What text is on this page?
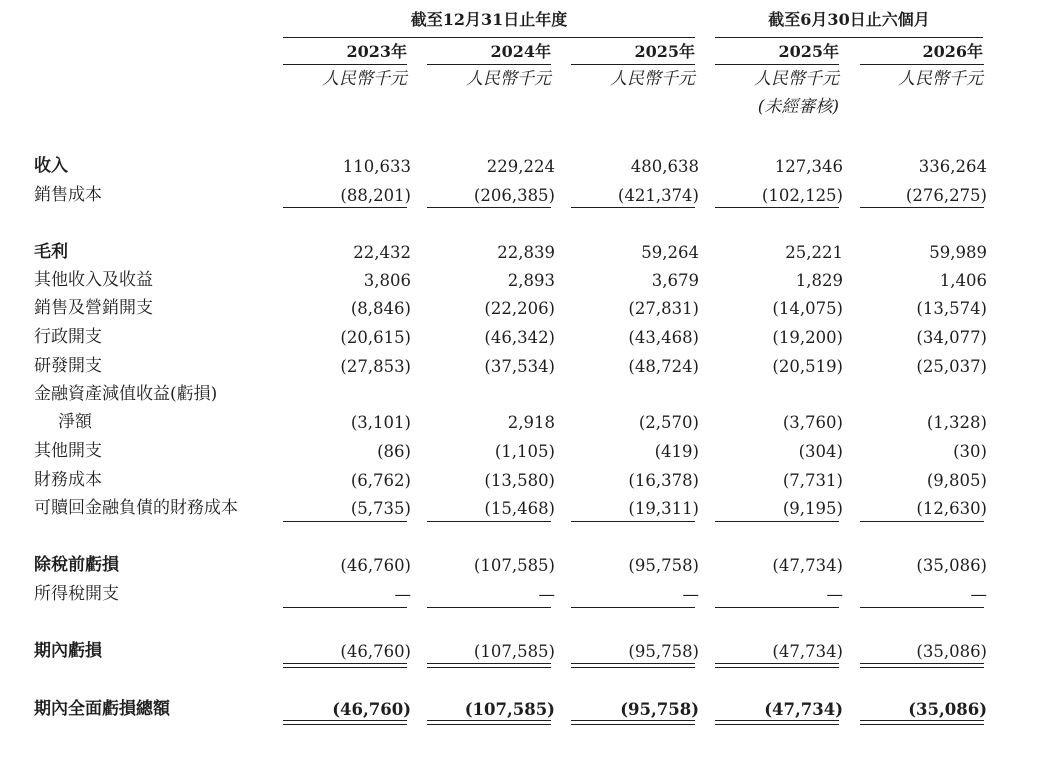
截至12月31日止年度	截至6月30日止六個月
2023年	2024年	2025年	2025年	2026年
人民幣千元	人民幣千元	人民幣千元	人民幣千元	人民幣千元
(未經審核)
收入	110,633	229,224	480,638	127,346	336,264
銷售成本	(88,201)	(206,385)	(421,374)	(102,125)	(276,275)
毛利	22,432	22,839	59,264	25,221	59,989
其他收入及收益	3,806	2,893	3,679	1,829	1,406
銷售及營銷開支	(8,846)	(22,206)	(27,831)	(14,075)	(13,574)
行政開支	(20,615)	(46,342)	(43,468)	(19,200)	(34,077)
研發開支	(27,853)	(37,534)	(48,724)	(20,519)	(25,037)
金融資產減值收益(虧損)
淨額	(3,101)	2,918	(2,570)	(3,760)	(1,328)
其他開支	(86)	(1,105)	(419)	(304)	(30)
財務成本	(6,762)	(13,580)	(16,378)	(7,731)	(9,805)
可贖回金融負債的財務成本	(5,735)	(15,468)	(19,311)	(9,195)	(12,630)
除稅前虧損	(46,760)	(107,585)	(95,758)	(47,734)	(35,086)
所得稅開支	—	—	—	—	—
期內虧損	(46,760)	(107,585)	(95,758)	(47,734)	(35,086)
期內全面虧損總額	(46,760)	(107,585)	(95,758)	(47,734)	(35,086)
